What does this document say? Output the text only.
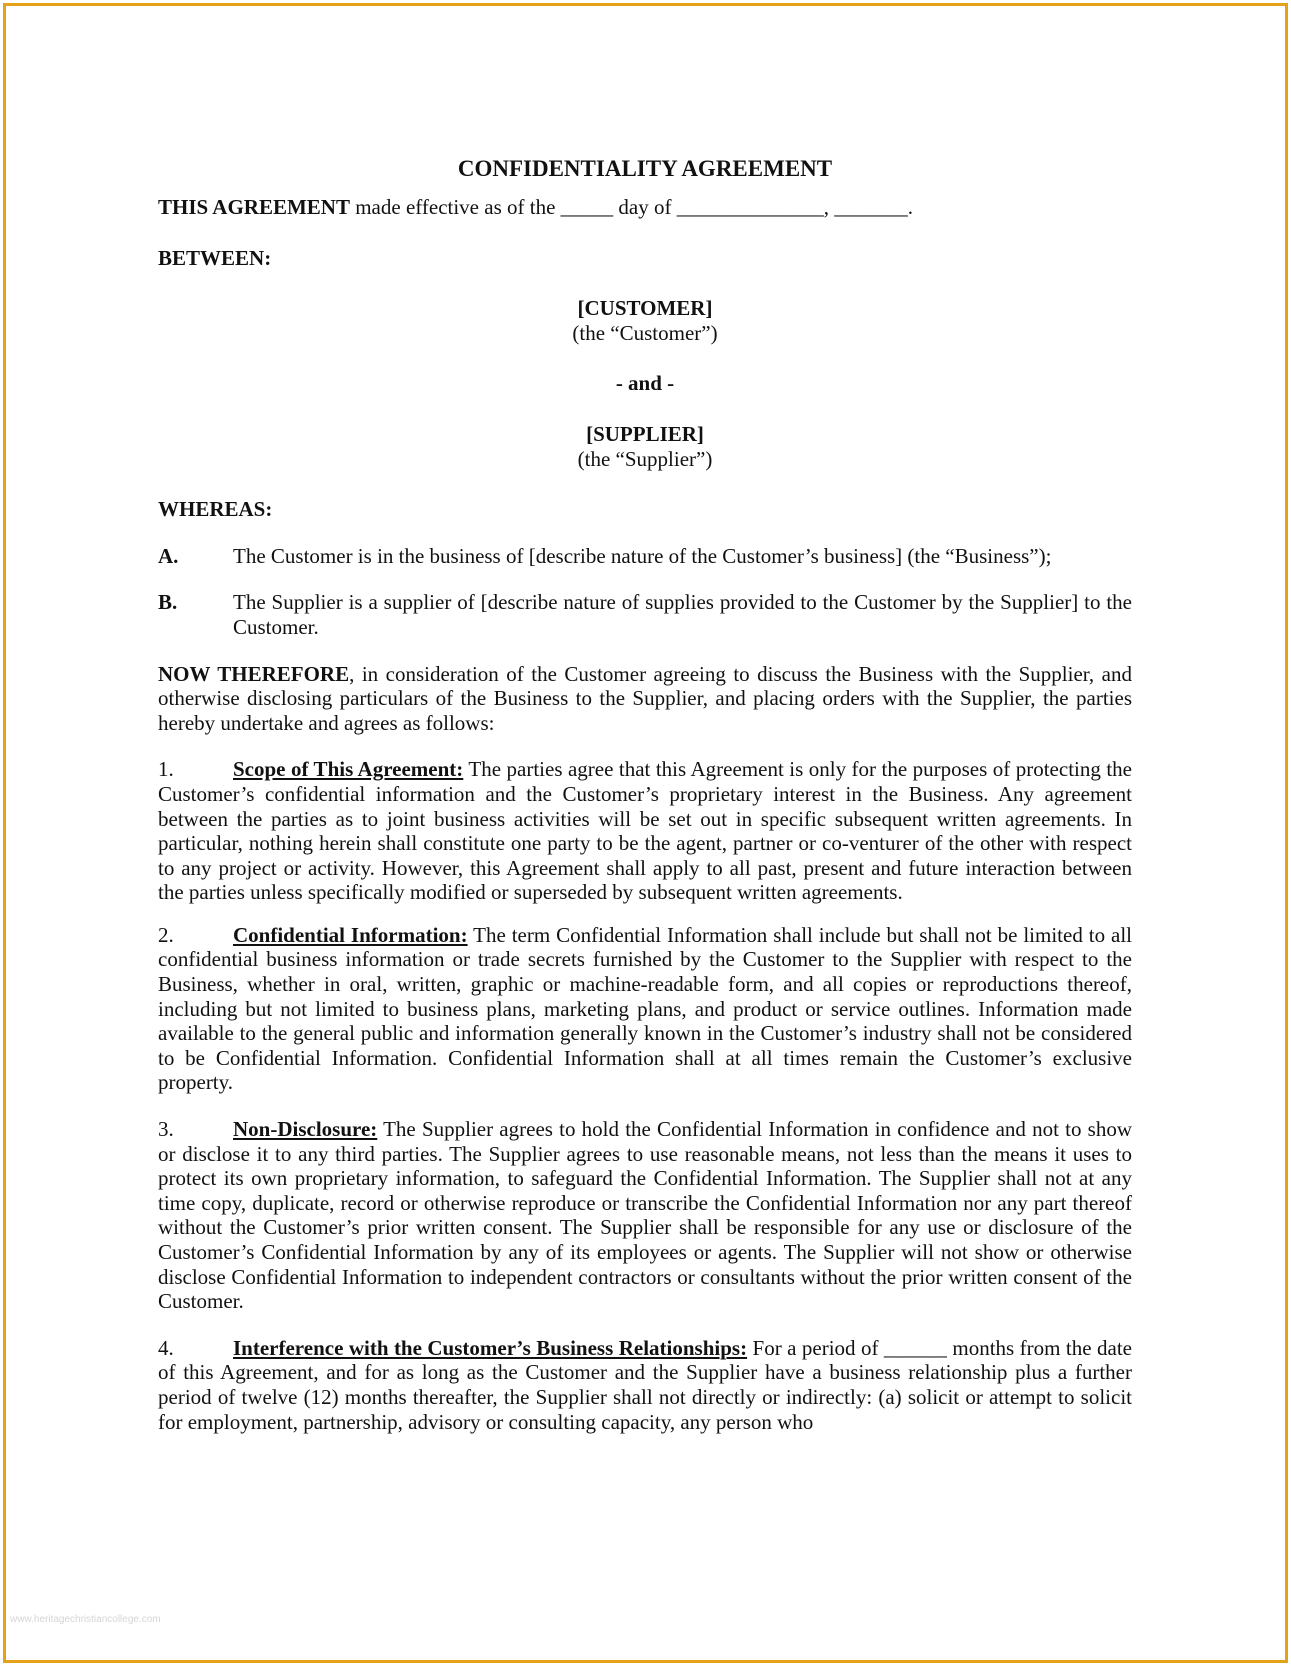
CONFIDENTIALITY AGREEMENT

THIS AGREEMENT made effective as of the _____ day of ______________, _______.

BETWEEN:

[CUSTOMER]

(the “Customer”)

- and -

[SUPPLIER]

(the “Supplier”)

WHEREAS:

A.	The Customer is in the business of [describe nature of the Customer’s business] (the “Business”);
B.	The Supplier is a supplier of [describe nature of supplies provided to the Customer by the Supplier] to the Customer.

NOW THEREFORE, in consideration of the Customer agreeing to discuss the Business with the Supplier, and otherwise disclosing particulars of the Business to the Supplier, and placing orders with the Supplier, the parties hereby undertake and agrees as follows:

1.	Scope of This Agreement: The parties agree that this Agreement is only for the purposes of protecting the Customer’s confidential information and the Customer’s proprietary interest in the Business. Any agreement between the parties as to joint business activities will be set out in specific subsequent written agreements. In particular, nothing herein shall constitute one party to be the agent, partner or co-venturer of the other with respect to any project or activity. However, this Agreement shall apply to all past, present and future interaction between the parties unless specifically modified or superseded by subsequent written agreements.

2.	Confidential Information: The term Confidential Information shall include but shall not be limited to all confidential business information or trade secrets furnished by the Customer to the Supplier with respect to the Business, whether in oral, written, graphic or machine-readable form, and all copies or reproductions thereof, including but not limited to business plans, marketing plans, and product or service outlines. Information made available to the general public and information generally known in the Customer’s industry shall not be considered to be Confidential Information. Confidential Information shall at all times remain the Customer’s exclusive property.

3.	Non-Disclosure: The Supplier agrees to hold the Confidential Information in confidence and not to show or disclose it to any third parties. The Supplier agrees to use reasonable means, not less than the means it uses to protect its own proprietary information, to safeguard the Confidential Information. The Supplier shall not at any time copy, duplicate, record or otherwise reproduce or transcribe the Confidential Information nor any part thereof without the Customer’s prior written consent. The Supplier shall be responsible for any use or disclosure of the Customer’s Confidential Information by any of its employees or agents. The Supplier will not show or otherwise disclose Confidential Information to independent contractors or consultants without the prior written consent of the Customer.

4.	Interference with the Customer’s Business Relationships: For a period of ______ months from the date of this Agreement, and for as long as the Customer and the Supplier have a business relationship plus a further period of twelve (12) months thereafter, the Supplier shall not directly or indirectly: (a) solicit or attempt to solicit for employment, partnership, advisory or consulting capacity, any person who

www.heritagechristiancollege.com
